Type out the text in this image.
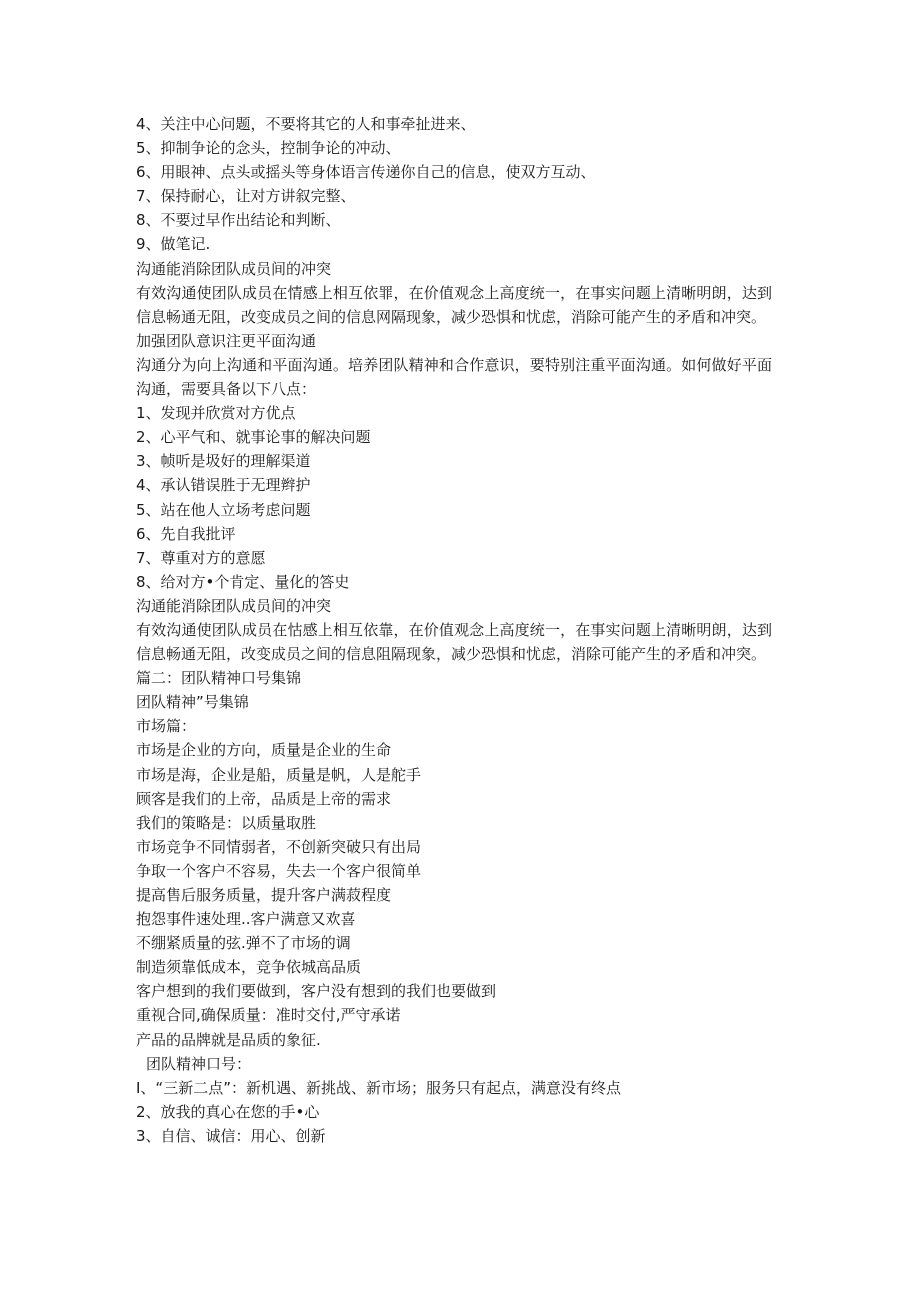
4、关注中心问题，不要将其它的人和事牵扯进来、
5、抑制争论的念头，控制争论的冲动、
6、用眼神、点头或摇头等身体语言传递你自己的信息，使双方互动、
7、保持耐心，让对方讲叙完整、
8、不要过早作出结论和判断、
9、做笔记.
沟通能消除团队成员间的冲突

有效沟通使团队成员在情感上相互依罪，在价值观念上高度统一，在事实问题上清晰明朗，达到信息畅通无阻，改变成员之间的信息网隔现象，减少恐惧和忧虑，消除可能产生的矛盾和冲突。

加强团队意识注更平面沟通

沟通分为向上沟通和平面沟通。培养团队精神和合作意识，要特别注重平面沟通。如何做好平面沟通，需要具备以下八点：

1、发现并欣赏对方优点
2、心平气和、就事论事的解决问题
3、帧听是圾好的理解渠道
4、承认错误胜于无理辫护
5、站在他人立场考虑问题
6、先自我批评
7、尊重对方的意愿
8、给对方•个肯定、量化的答史
沟通能消除团队成员间的冲突

有效沟通使团队成员在怙感上相互依靠，在价值观念上高度统一，在事实问题上清晰明朗，达到信息畅通无阻，改变成员之间的信息阻隔现象，减少恐惧和忧虑，消除可能产生的矛盾和冲突。

篇二：团队精神口号集锦
团队精神”号集锦
市场篇：
市场是企业的方向，质量是企业的生命
市场是海，企业是船，质量是帆，人是舵手
顾客是我们的上帝，品质是上帝的需求
我们的策略是：以质量取胜
市场竞争不同情弱者，不创新突破只有出局
争取一个客户不容易，失去一个客户很简单
提高售后服务质量，提升客户满菽程度
抱怨事件速处理..客户满意又欢喜
不绷紧质量的弦.弹不了市场的调
制造须靠低成本，竞争依城高品质
客户想到的我们要做到，客户没有想到的我们也要做到
重视合同,确保质量：准时交付,严守承诺
产品的品牌就是品质的象征.
团队精神口号：
I、“三新二点”：新机遇、新挑战、新市场；服务只有起点，满意没有终点
2、放我的真心在您的手•心
3、自信、诚信：用心、创新
